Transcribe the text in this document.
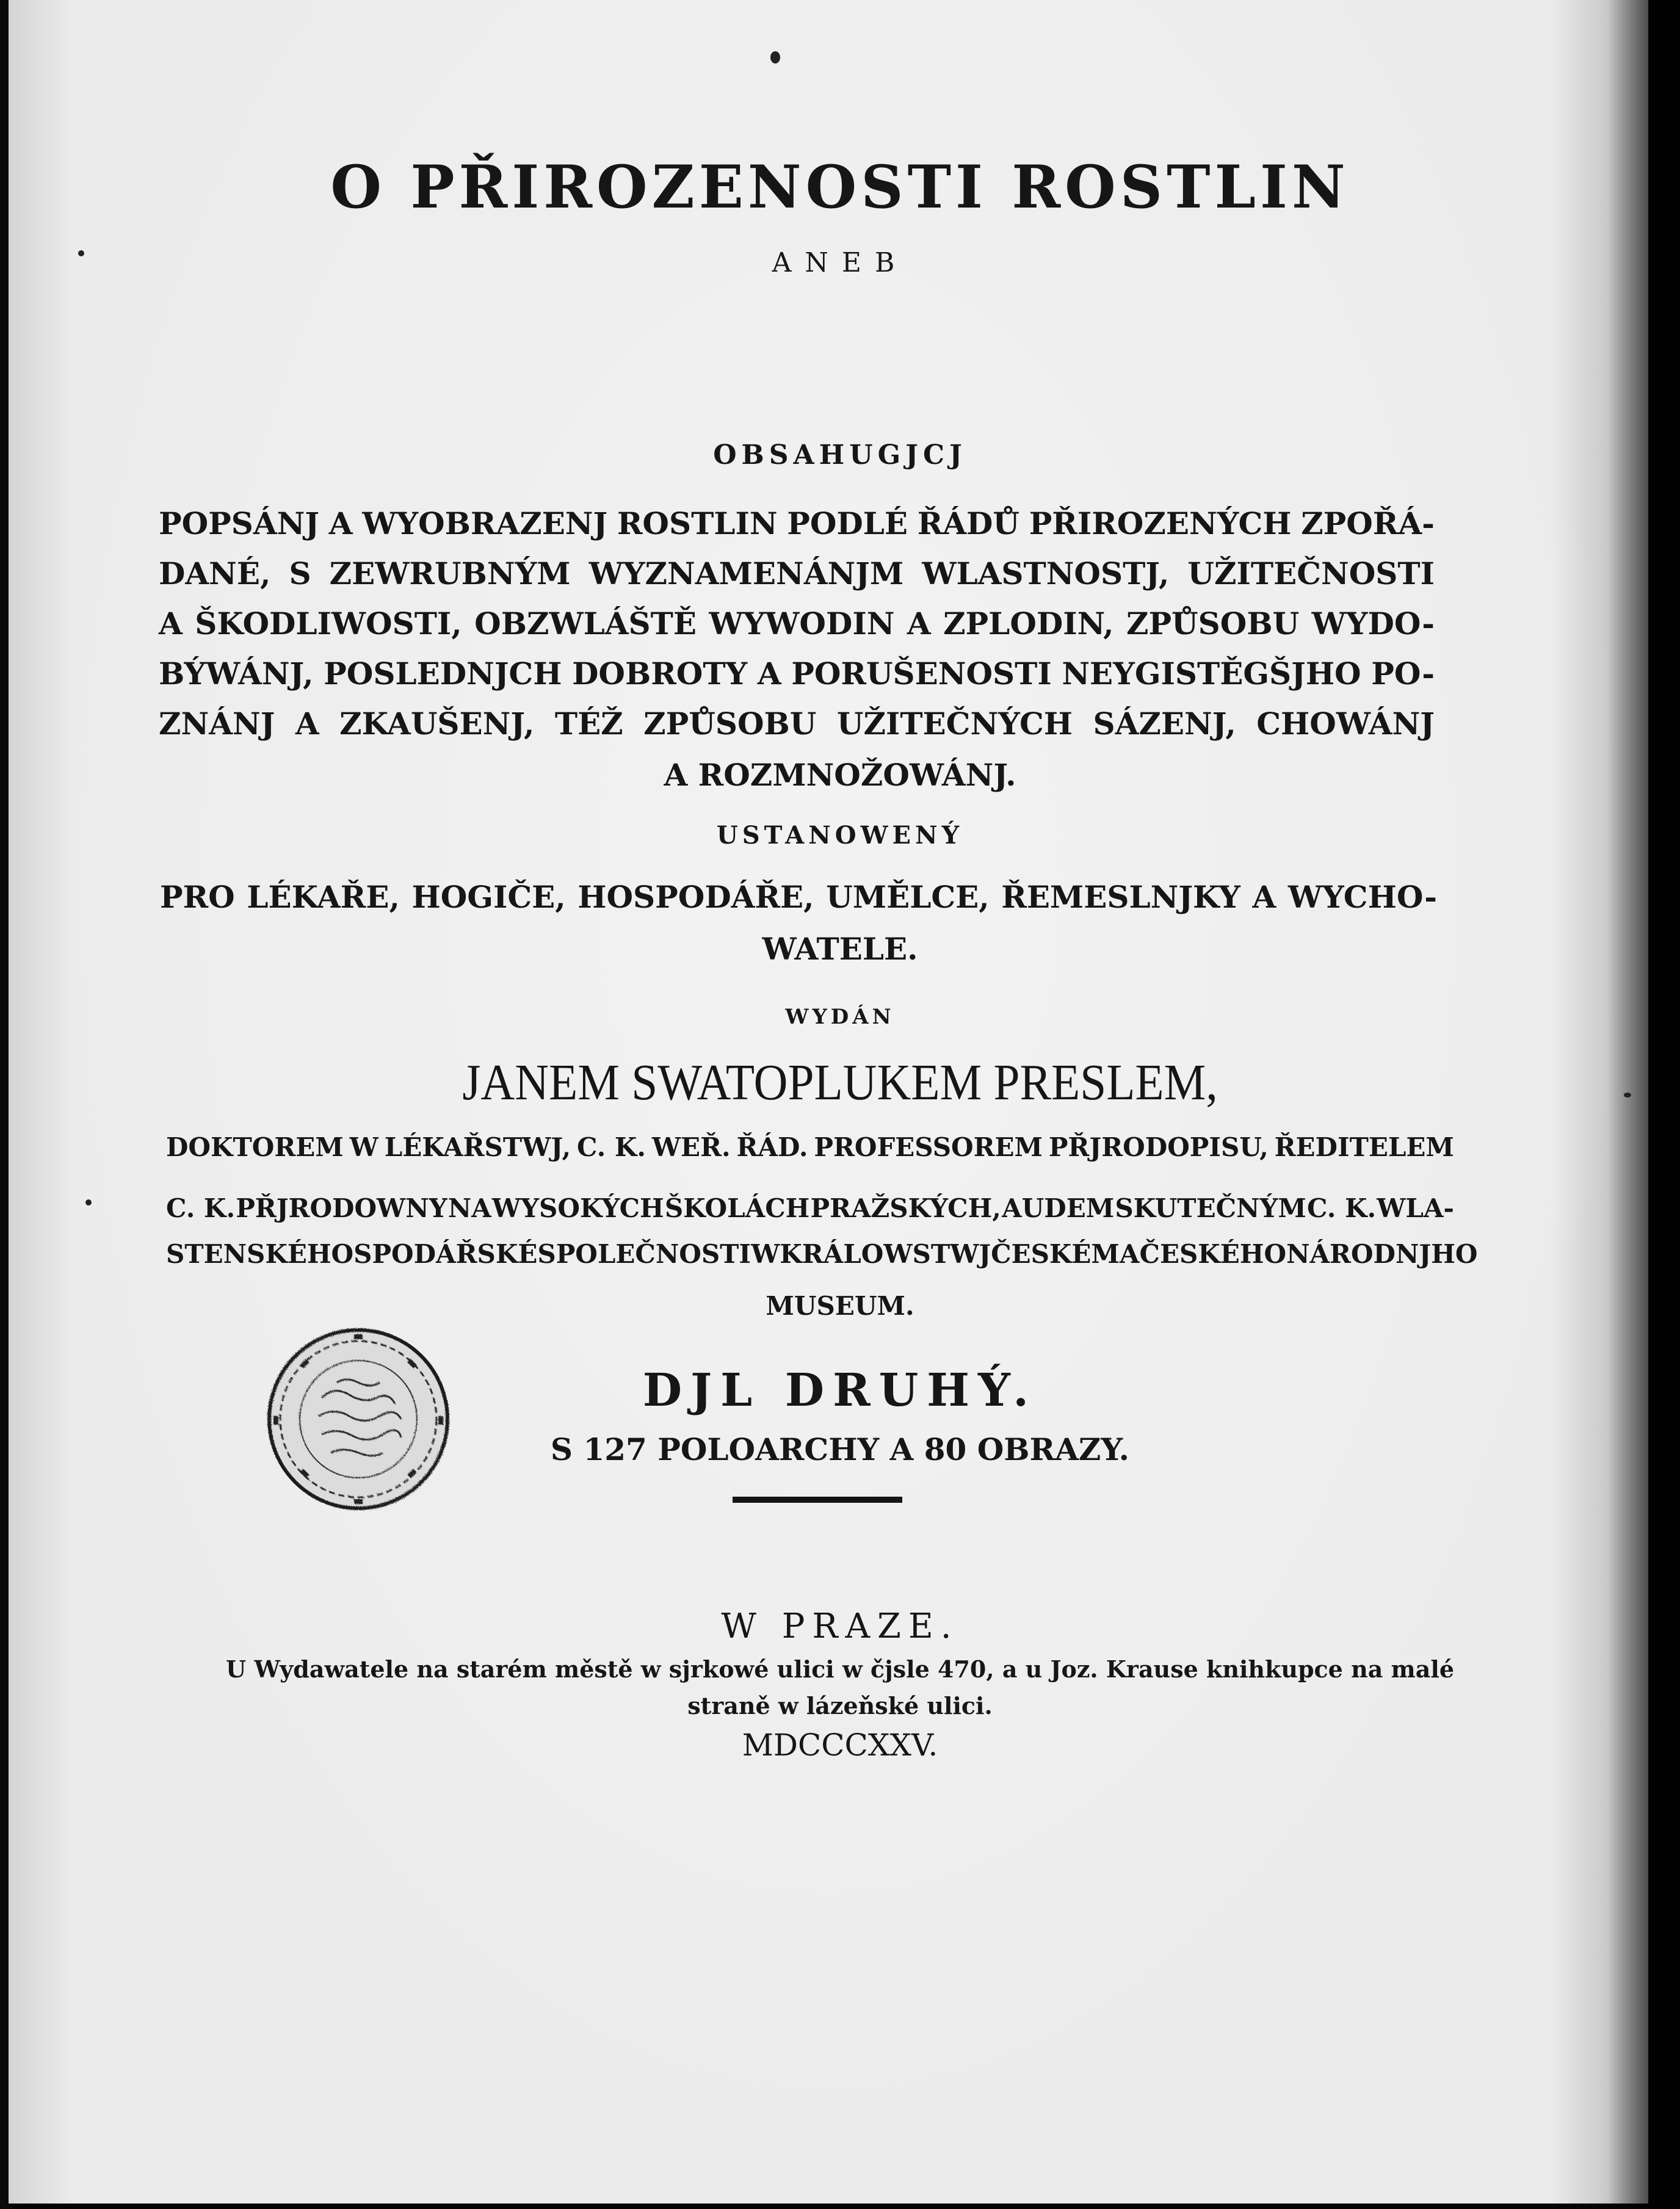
O PŘIROZENOSTI ROSTLIN
ANEB
OBSAHUGJCJ
POPSÁNJ A WYOBRAZENJ ROSTLIN PODLÉ ŘÁDŮ PŘIROZENÝCH ZPOŘÁ-
DANÉ, S ZEWRUBNÝM WYZNAMENÁNJM WLASTNOSTJ, UŽITEČNOSTI
A ŠKODLIWOSTI, OBZWLÁŠTĚ WYWODIN A ZPLODIN, ZPŮSOBU WYDO-
BÝWÁNJ, POSLEDNJCH DOBROTY A PORUŠENOSTI NEYGISTĚGŠJHO PO-
ZNÁNJ A ZKAUŠENJ, TÉŽ ZPŮSOBU UŽITEČNÝCH SÁZENJ, CHOWÁNJ
A ROZMNOŽOWÁNJ.
USTANOWENÝ
PRO LÉKAŘE, HOGIČE, HOSPODÁŘE, UMĚLCE, ŘEMESLNJKY A WYCHO-
WATELE.
WYDÁN
JANEM SWATOPLUKEM PRESLEM,
DOKTOREM W LÉKAŘSTWJ, C. K. WEŘ. ŘÁD. PROFESSOREM PŘJRODOPISU, ŘEDITELEM
C. K. PŘJRODOWNY NA WYSOKÝCH ŠKOLÁCH PRAŽSKÝCH, AUDEM SKUTEČNÝM C. K. WLA-
STENSKÉ HOSPODÁŘSKÉ SPOLEČNOSTI W KRÁLOWSTWJ ČESKÉM A ČESKÉHO NÁRODNJHO
MUSEUM.
DJL DRUHÝ.
S 127 POLOARCHY A 80 OBRAZY.
W PRAZE.
U Wydawatele na starém městě w sjrkowé ulici w čjsle 470, a u Joz. Krause knihkupce na malé
straně w lázeňské ulici.
MDCCCXXV.
